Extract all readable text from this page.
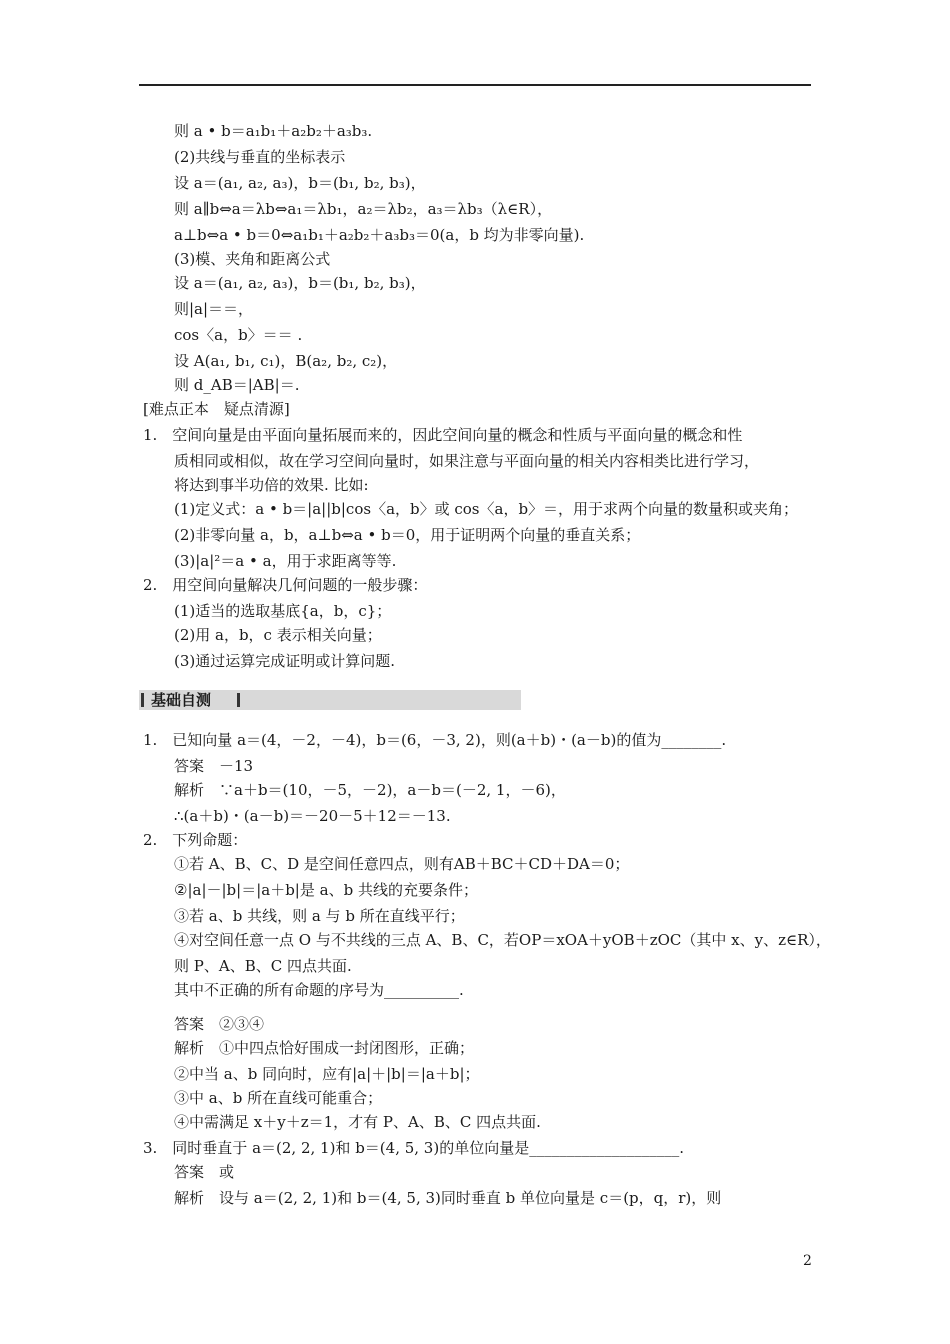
则 a • b＝a₁b₁＋a₂b₂＋a₃b₃.
(2)共线与垂直的坐标表示
设 a＝(a₁, a₂, a₃)，b＝(b₁, b₂, b₃)，
则 a∥b⇔a＝λb⇔a₁＝λb₁，a₂＝λb₂，a₃＝λb₃（λ∈R），
a⊥b⇔a • b＝0⇔a₁b₁＋a₂b₂＋a₃b₃＝0(a，b 均为非零向量).
(3)模、夹角和距离公式
设 a＝(a₁, a₂, a₃)，b＝(b₁, b₂, b₃)，
则|a|＝＝，
cos〈a，b〉＝＝ .
设 A(a₁, b₁, c₁)，B(a₂, b₂, c₂)，
则 d_AB＝|AB|＝.
[难点正本　疑点清源]
1.　空间向量是由平面向量拓展而来的，因此空间向量的概念和性质与平面向量的概念和性
质相同或相似，故在学习空间向量时，如果注意与平面向量的相关内容相类比进行学习，
将达到事半功倍的效果. 比如:
(1)定义式：a • b＝|a||b|cos〈a，b〉或 cos〈a，b〉＝，用于求两个向量的数量积或夹角；
(2)非零向量 a，b，a⊥b⇔a • b＝0，用于证明两个向量的垂直关系；
(3)|a|²＝a • a，用于求距离等等.
2.　用空间向量解决几何问题的一般步骤：
(1)适当的选取基底{a，b，c}；
(2)用 a，b，c 表示相关向量；
(3)通过运算完成证明或计算问题.
1.　已知向量 a＝(4，－2，－4)，b＝(6，－3, 2)，则(a＋b)・(a－b)的值为________.
答案　－13
解析　∵a＋b＝(10，－5，－2)，a－b＝(－2, 1，－6)，
∴(a＋b)・(a－b)＝－20－5＋12＝－13.
2.　下列命题：
①若 A、B、C、D 是空间任意四点，则有AB＋BC＋CD＋DA＝0；
②|a|－|b|＝|a＋b|是 a、b 共线的充要条件；
③若 a、b 共线，则 a 与 b 所在直线平行；
④对空间任意一点 O 与不共线的三点 A、B、C，若OP＝xOA＋yOB＋zOC（其中 x、y、z∈R），
则 P、A、B、C 四点共面.
其中不正确的所有命题的序号为__________.
答案　②③④
解析　①中四点恰好围成一封闭图形，正确；
②中当 a、b 同向时，应有|a|＋|b|＝|a＋b|；
③中 a、b 所在直线可能重合；
④中需满足 x＋y＋z＝1，才有 P、A、B、C 四点共面.
3.　同时垂直于 a＝(2, 2, 1)和 b＝(4, 5, 3)的单位向量是____________________.
答案　或
解析　设与 a＝(2, 2, 1)和 b＝(4, 5, 3)同时垂直 b 单位向量是 c＝(p，q，r)，则
基础自测
2
